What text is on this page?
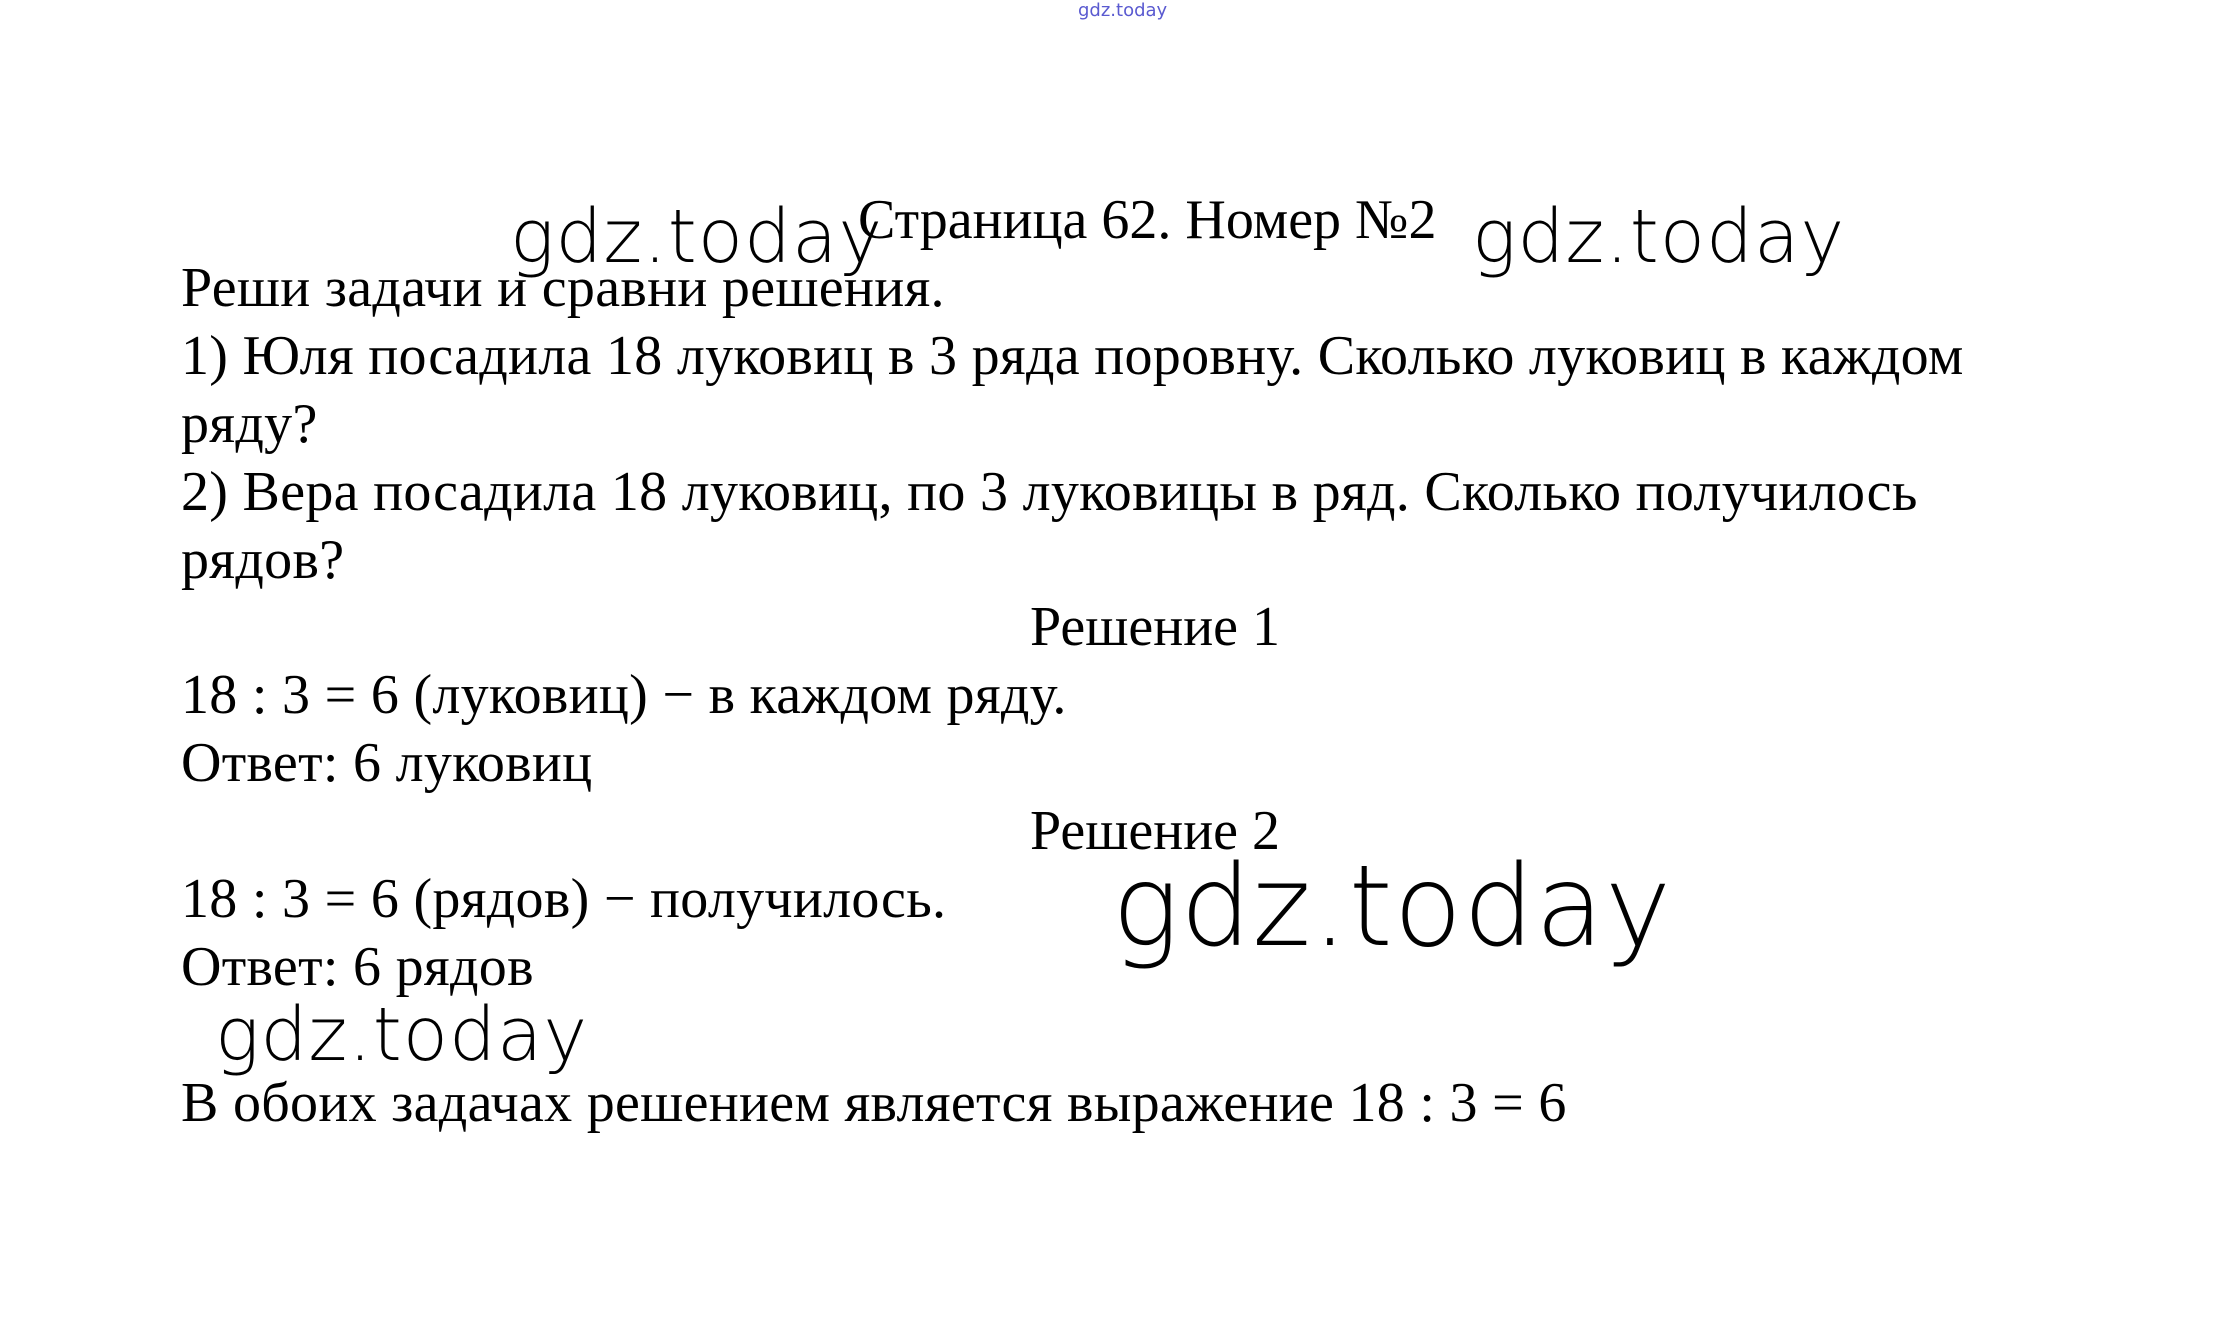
gdz.today
gdz.today
Страница 62. Номер №2 gdz.today
Реши задачи и сравни решения.
1) Юля посадила 18 луковиц в 3 ряда поровну. Сколько луковиц в каждом
ряду?
2) Вера посадила 18 луковиц, по 3 луковицы в ряд. Сколько получилось
рядов?
Решение 1
18 : 3 = 6 (луковиц) − в каждом ряду.
Ответ: 6 луковиц
Решение 2
18 : 3 = 6 (рядов) − получилось. gdz.today
Ответ: 6 рядов
gdz.today
В обоих задачах решением является выражение 18 : 3 = 6
